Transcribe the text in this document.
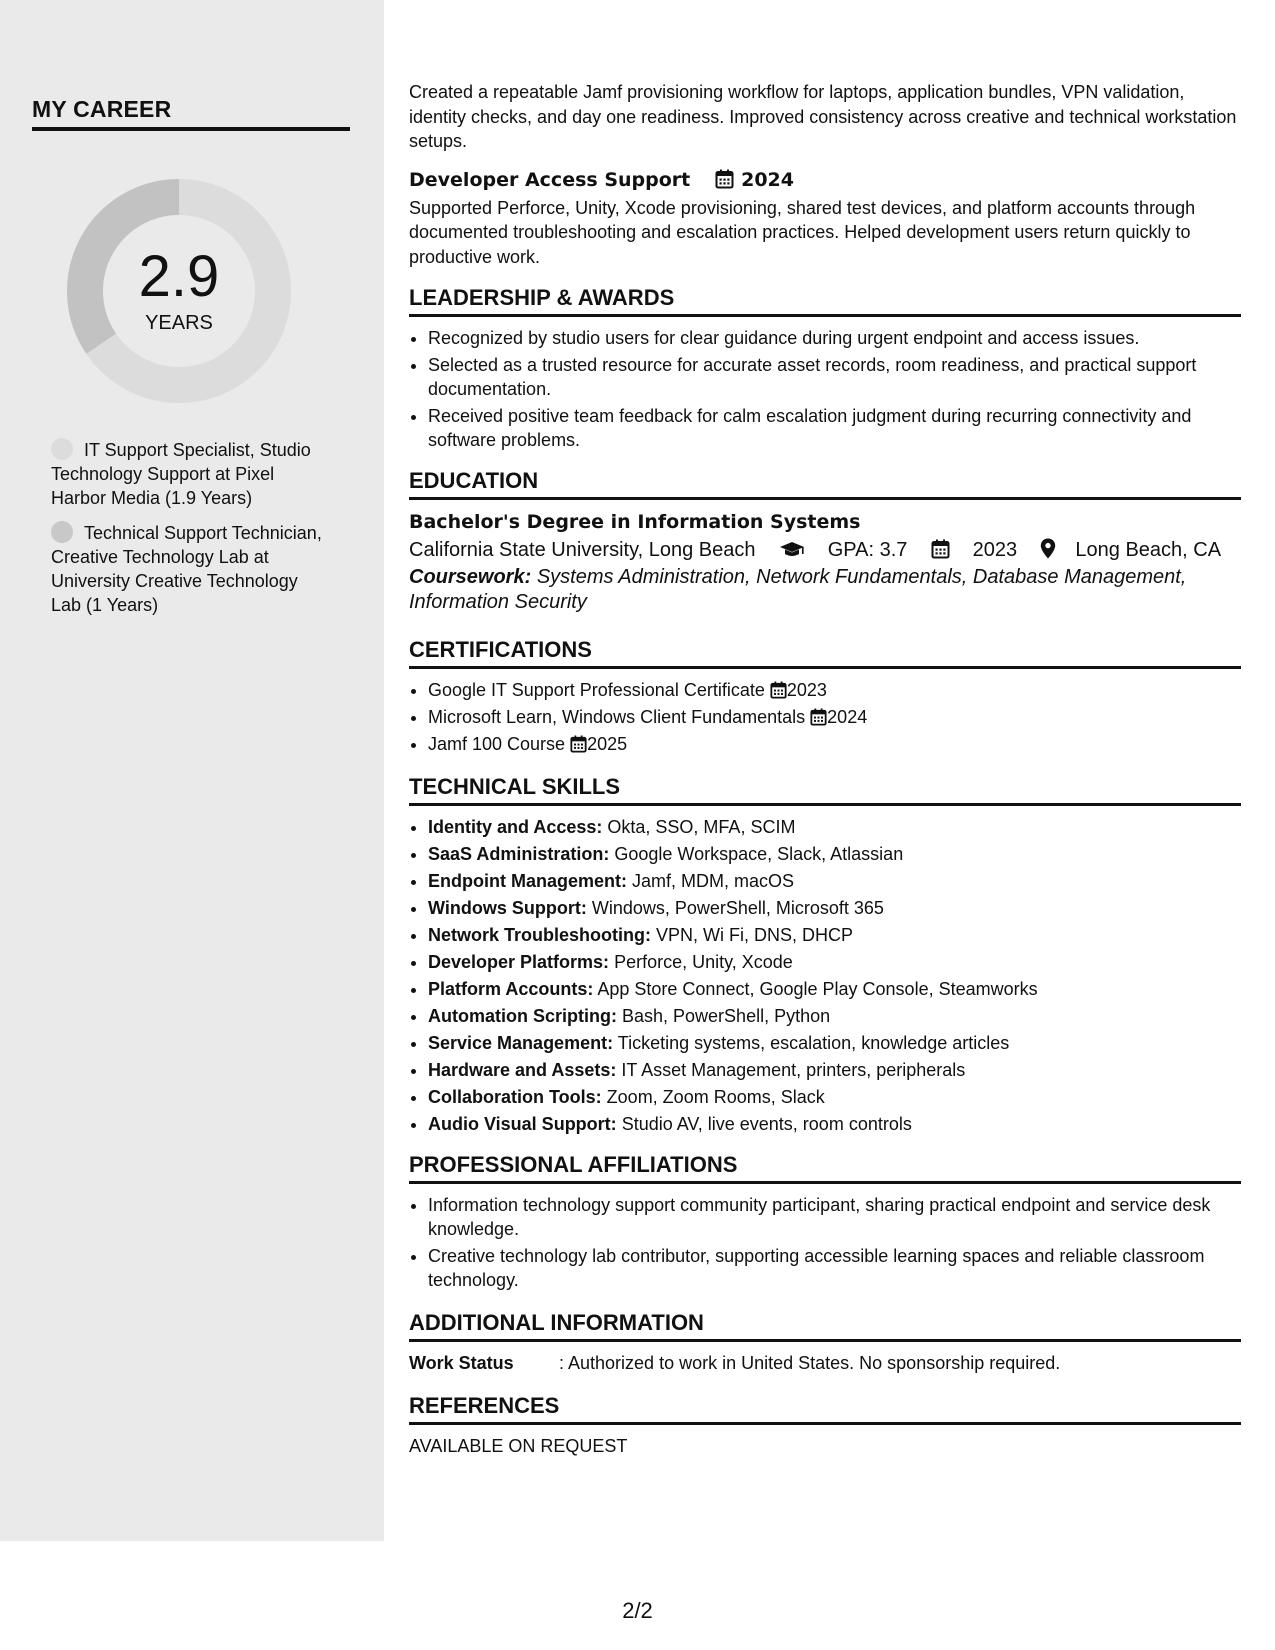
MY CAREER
2.9
YEARS
IT Support Specialist, Studio Technology Support at Pixel Harbor Media (1.9 Years)
Technical Support Technician, Creative Technology Lab at University Creative Technology Lab (1 Years)

Created a repeatable Jamf provisioning workflow for laptops, application bundles, VPN validation, identity checks, and day one readiness. Improved consistency across creative and technical workstation setups.

Developer Access Support	2024

Supported Perforce, Unity, Xcode provisioning, shared test devices, and platform accounts through documented troubleshooting and escalation practices. Helped development users return quickly to productive work.

LEADERSHIP & AWARDS
• Recognized by studio users for clear guidance during urgent endpoint and access issues.
• Selected as a trusted resource for accurate asset records, room readiness, and practical support documentation.
• Received positive team feedback for calm escalation judgment during recurring connectivity and software problems.
EDUCATION
Bachelor's Degree in Information Systems
California State University, Long Beach	GPA: 3.7	2023	Long Beach, CA
Coursework: Systems Administration, Network Fundamentals, Database Management, Information Security
CERTIFICATIONS
• Google IT Support Professional Certificate 2023
• Microsoft Learn, Windows Client Fundamentals 2024
• Jamf 100 Course 2025
TECHNICAL SKILLS
• Identity and Access: Okta, SSO, MFA, SCIM
• SaaS Administration: Google Workspace, Slack, Atlassian
• Endpoint Management: Jamf, MDM, macOS
• Windows Support: Windows, PowerShell, Microsoft 365
• Network Troubleshooting: VPN, Wi Fi, DNS, DHCP
• Developer Platforms: Perforce, Unity, Xcode
• Platform Accounts: App Store Connect, Google Play Console, Steamworks
• Automation Scripting: Bash, PowerShell, Python
• Service Management: Ticketing systems, escalation, knowledge articles
• Hardware and Assets: IT Asset Management, printers, peripherals
• Collaboration Tools: Zoom, Zoom Rooms, Slack
• Audio Visual Support: Studio AV, live events, room controls
PROFESSIONAL AFFILIATIONS
• Information technology support community participant, sharing practical endpoint and service desk knowledge.
• Creative technology lab contributor, supporting accessible learning spaces and reliable classroom technology.
ADDITIONAL INFORMATION
Work Status	: Authorized to work in United States. No sponsorship required.
REFERENCES
AVAILABLE ON REQUEST
2/2
